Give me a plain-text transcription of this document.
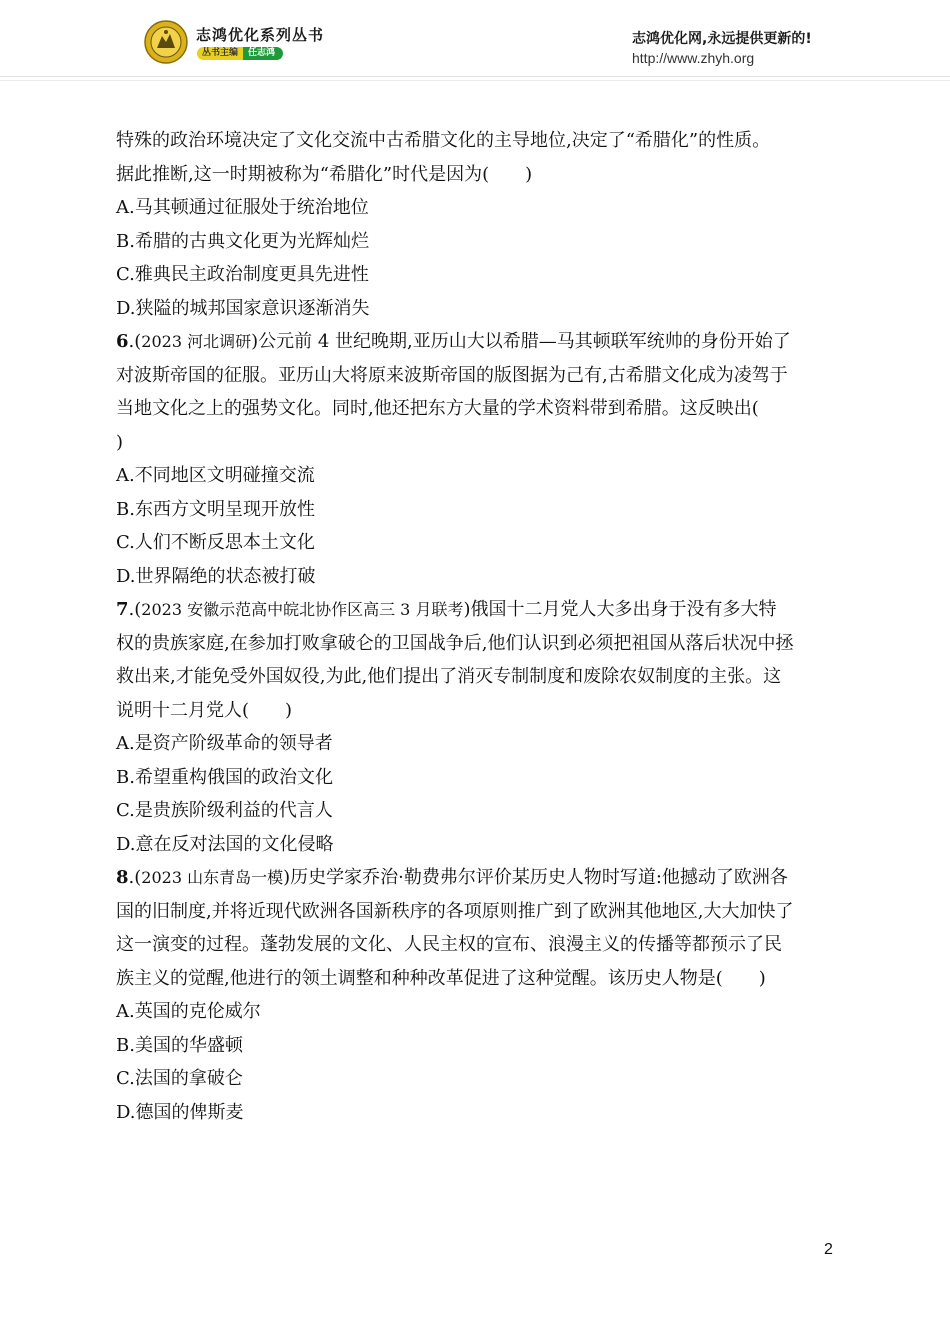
志鸿优化系列丛书
丛书主编	任志鸿
志鸿优化网,永远提供更新的!
http://www.zhyh.org
特殊的政治环境决定了文化交流中古希腊文化的主导地位,决定了“希腊化”的性质。
据此推断,这一时期被称为“希腊化”时代是因为(　　)
A.马其顿通过征服处于统治地位
B.希腊的古典文化更为光辉灿烂
C.雅典民主政治制度更具先进性
D.狭隘的城邦国家意识逐渐消失
6.(2023 河北调研)公元前 4 世纪晚期,亚历山大以希腊—马其顿联军统帅的身份开始了
对波斯帝国的征服。亚历山大将原来波斯帝国的版图据为己有,古希腊文化成为凌驾于
当地文化之上的强势文化。同时,他还把东方大量的学术资料带到希腊。这反映出(
)
A.不同地区文明碰撞交流
B.东西方文明呈现开放性
C.人们不断反思本土文化
D.世界隔绝的状态被打破
7.(2023 安徽示范高中皖北协作区高三 3 月联考)俄国十二月党人大多出身于没有多大特
权的贵族家庭,在参加打败拿破仑的卫国战争后,他们认识到必须把祖国从落后状况中拯
救出来,才能免受外国奴役,为此,他们提出了消灭专制制度和废除农奴制度的主张。这
说明十二月党人(　　)
A.是资产阶级革命的领导者
B.希望重构俄国的政治文化
C.是贵族阶级利益的代言人
D.意在反对法国的文化侵略
8.(2023 山东青岛一模)历史学家乔治·勒费弗尔评价某历史人物时写道:他撼动了欧洲各
国的旧制度,并将近现代欧洲各国新秩序的各项原则推广到了欧洲其他地区,大大加快了
这一演变的过程。蓬勃发展的文化、人民主权的宣布、浪漫主义的传播等都预示了民
族主义的觉醒,他进行的领土调整和种种改革促进了这种觉醒。该历史人物是(　　)
A.英国的克伦威尔
B.美国的华盛顿
C.法国的拿破仑
D.德国的俾斯麦
2
